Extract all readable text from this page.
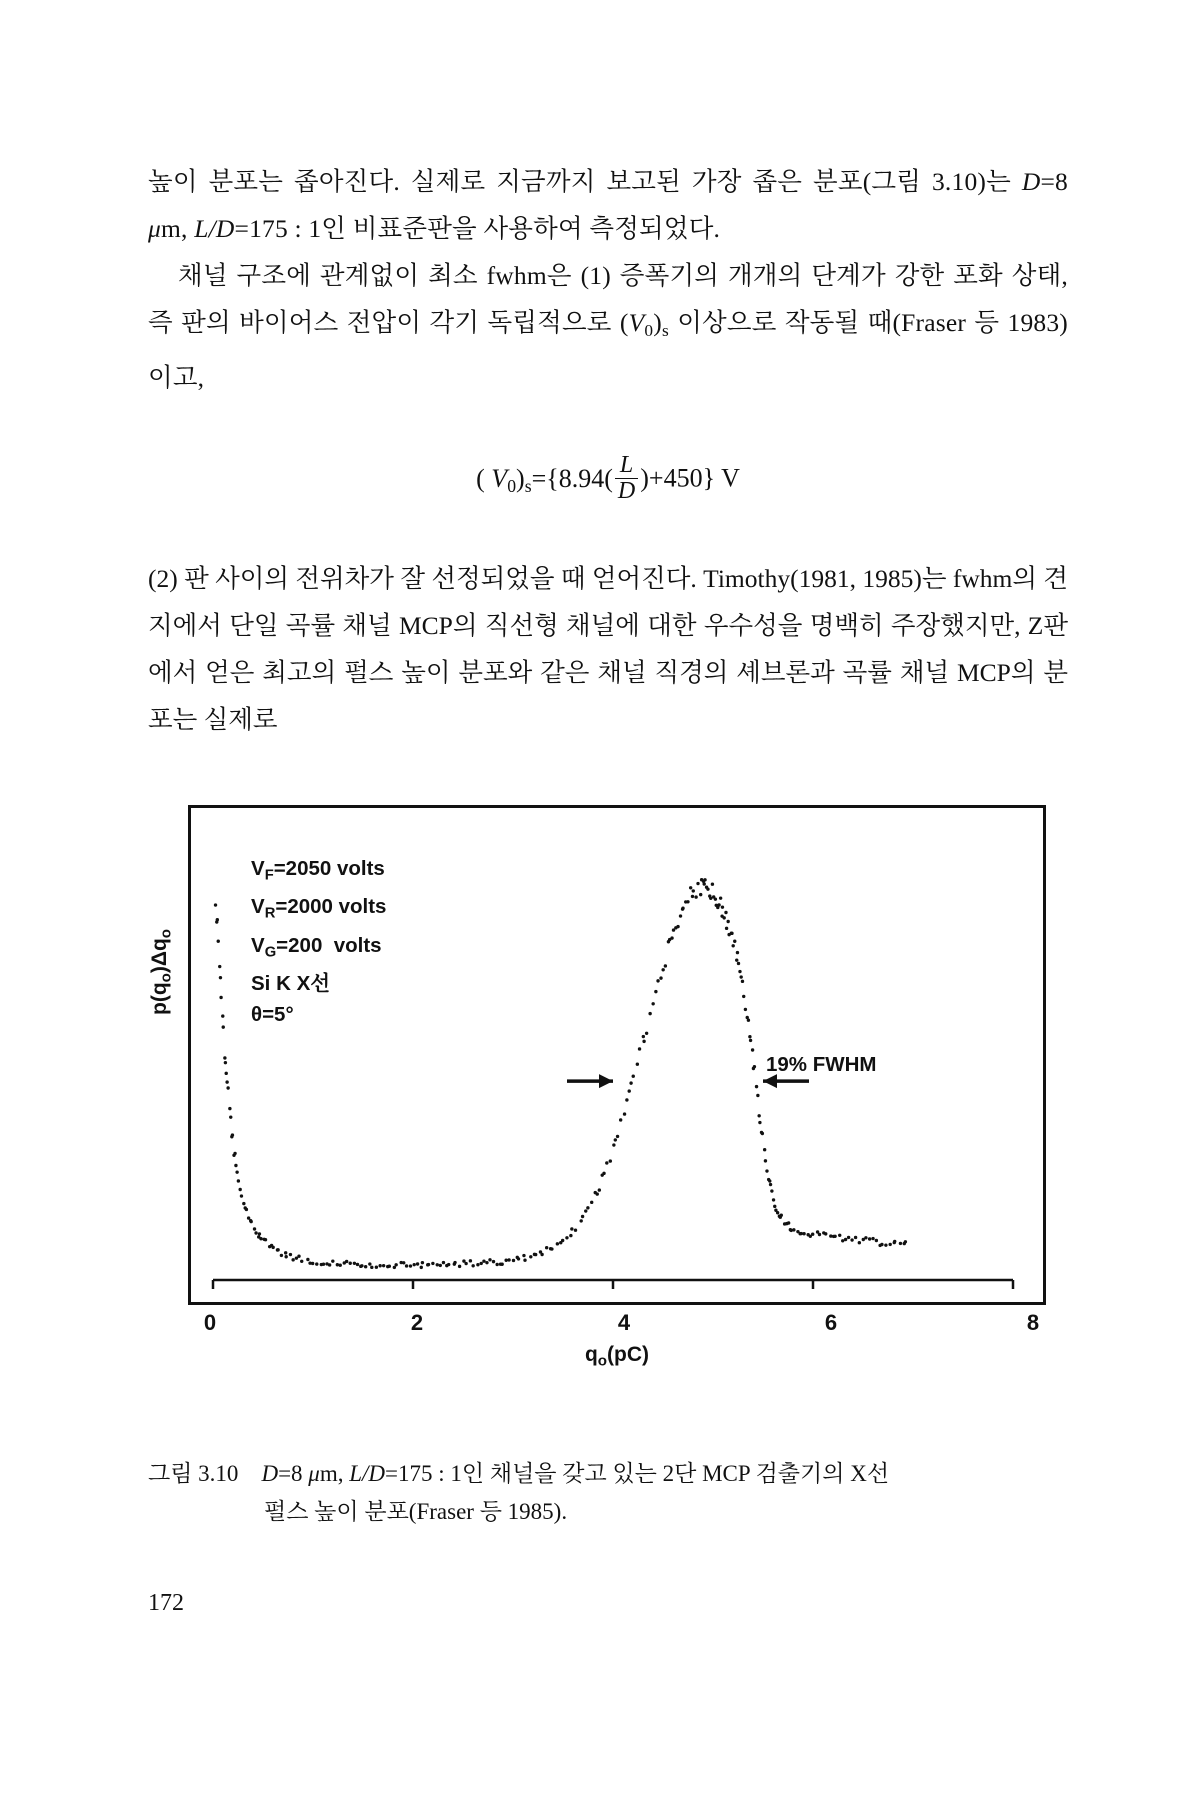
높이 분포는 좁아진다. 실제로 지금까지 보고된 가장 좁은 분포(그림 3.10)는 D=8 μm, L/D=175 : 1인 비표준판을 사용하여 측정되었다.

채널 구조에 관계없이 최소 fwhm은 (1) 증폭기의 개개의 단계가 강한 포화 상태, 즉 판의 바이어스 전압이 각기 독립적으로 $(V_0)_s$ 이상으로 작동될 때(Fraser 등 1983)이고,

( $V_0)_s=\{8.94( \frac{L}{D} )+450\}$ V
(2) 판 사이의 전위차가 잘 선정되었을 때 얻어진다. Timothy(1981, 1985)는 fwhm의 견지에서 단일 곡률 채널 MCP의 직선형 채널에 대한 우수성을 명백히 주장했지만, Z판에서 얻은 최고의 펄스 높이 분포와 같은 채널 직경의 셰브론과 곡률 채널 MCP의 분포는 실제로
$V_F=2050$ volts
$V_R=2000$ volts
$V_G=200$  volts
Si K X선
θ=5°
19% FWHM
$p(q_o)\Delta q_o$
0	2	4	6	8
$q_o(pC)$
그림 3.10    D=8 μm, L/D=175 : 1인 채널을 갖고 있는 2단 MCP 검출기의 X선
펄스 높이 분포(Fraser 등 1985).
172
